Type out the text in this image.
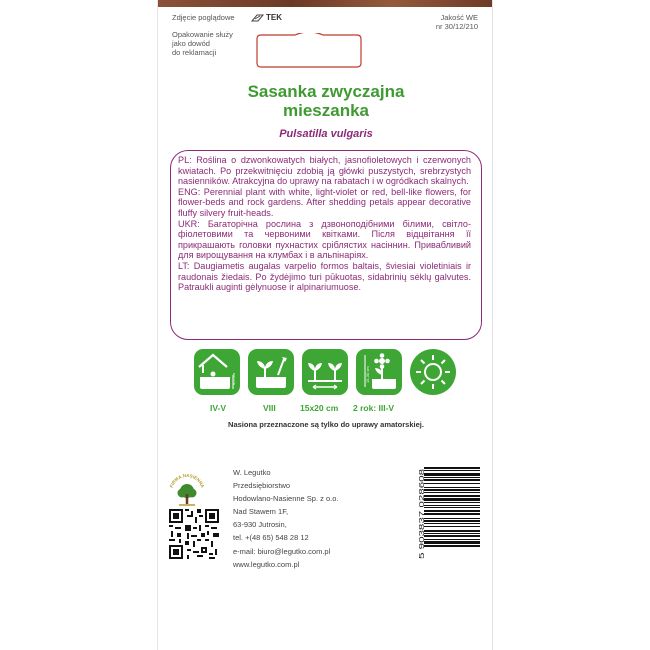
Zdjęcie poglądowe	TEK	Jakość WE
nr 30/12/210
Opakowanie służy
jako dowód
do reklamacji
Sasanka zwyczajna
mieszanka
Pulsatilla vulgaris

PL: Roślina o dzwonkowatych białych, jasnofioletowych i czerwonych kwiatach. Po przekwitnięciu zdobią ją główki puszystych, srebrzystych nasienników. Atrakcyjna do uprawy na rabatach i w ogródkach skalnych.

ENG: Perennial plant with white, light-violet or red, bell-like flowers, for flower-beds and rock gardens. After shedding petals appear decorative fluffy silvery fruit-heads.

UKR: Багаторічна рослина з дзвоноподібними білими, світло-фіолетовими та червоними квітками. Після відцвітання її прикрашають головки пухнастих сріблястих насіннин. Привабливий для вирощування на клумбах і в альпінаріях.

LT: Daugiametis augalas varpelio formos baltais, šviesiai violetiniais ir raudonais žiedais. Po žydėjimo turi pūkuotas, sidabrinių sėklų galvutes. Patraukli auginti gėlynuose ir alpinariumuose.

0,5 cm	15-30 cm
IV-V	VIII	15x20 cm 2 rok: III-V
Nasiona przeznaczone są tylko do uprawy amatorskiej.
FIRMA NASIENNA
W. Legutko
Przedsiębiorstwo
Hodowlano-Nasienne Sp. z o.o.
Nad Stawem 1F,
63-930 Jutrosin,
tel. +(48 65) 548 28 12
e-mail: biuro@legutko.com.pl
www.legutko.com.pl
5 903837 028608
